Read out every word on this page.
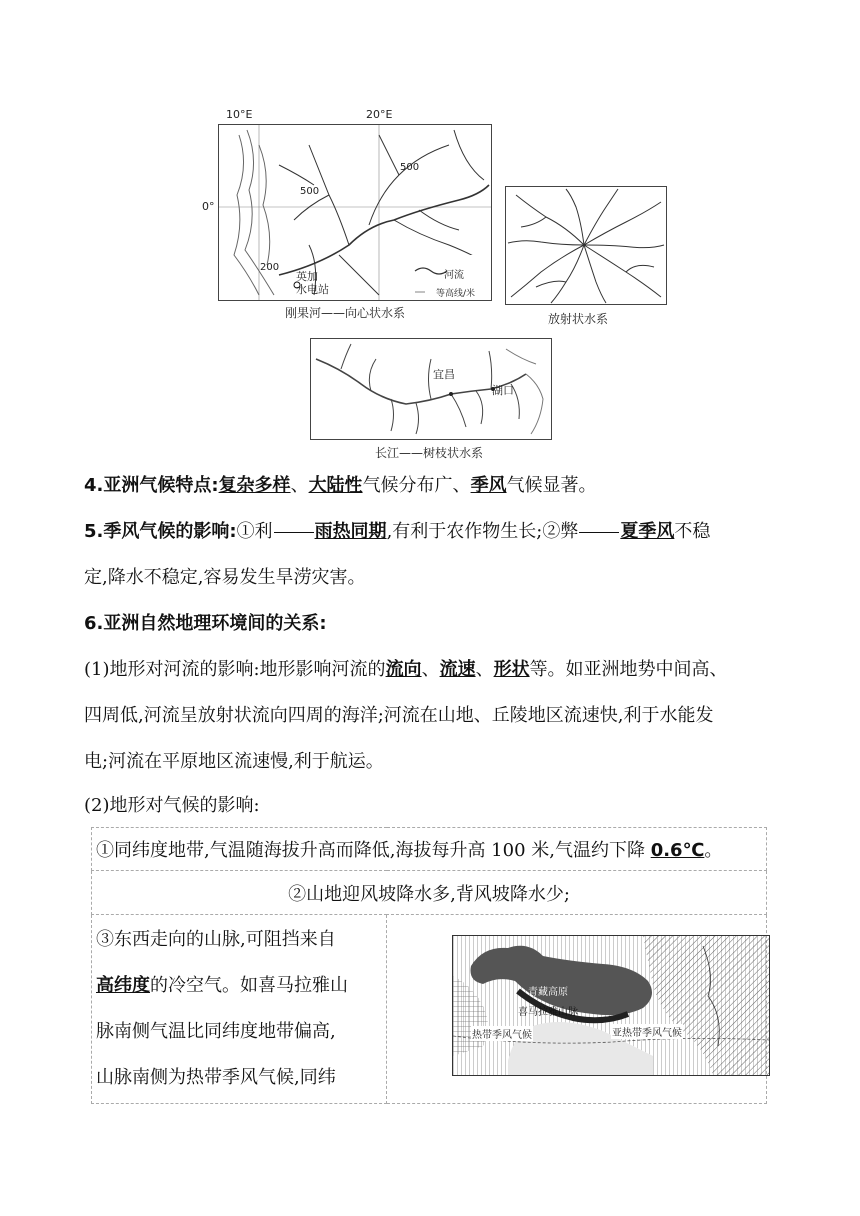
10°E	20°E
0°
500
500
200
英加
水电站
河流
等高线/米
刚果河——向心状水系	放射状水系
宜昌
湖口
长江——树枝状水系
4.亚洲气候特点:复杂多样、大陆性气候分布广、季风气候显著。
5.季风气候的影响:①利 雨热同期,有利于农作物生长;②弊 夏季风不稳
定,降水不稳定,容易发生旱涝灾害。
6.亚洲自然地理环境间的关系:
(1)地形对河流的影响:地形影响河流的流向、流速、形状等。如亚洲地势中间高、
四周低,河流呈放射状流向四周的海洋;河流在山地、丘陵地区流速快,利于水能发
电;河流在平原地区流速慢,利于航运。
(2)地形对气候的影响:
①同纬度地带,气温随海拔升高而降低,海拔每升高 100 米,气温约下降 0.6℃。
②山地迎风坡降水多,背风坡降水少;

③东西走向的山脉,可阻挡来自
高纬度的冷空气。如喜马拉雅山
脉南侧气温比同纬度地带偏高,
山脉南侧为热带季风气候,同纬

青藏高原
喜马拉雅山脉
热带季风气候	亚热带季风气候
